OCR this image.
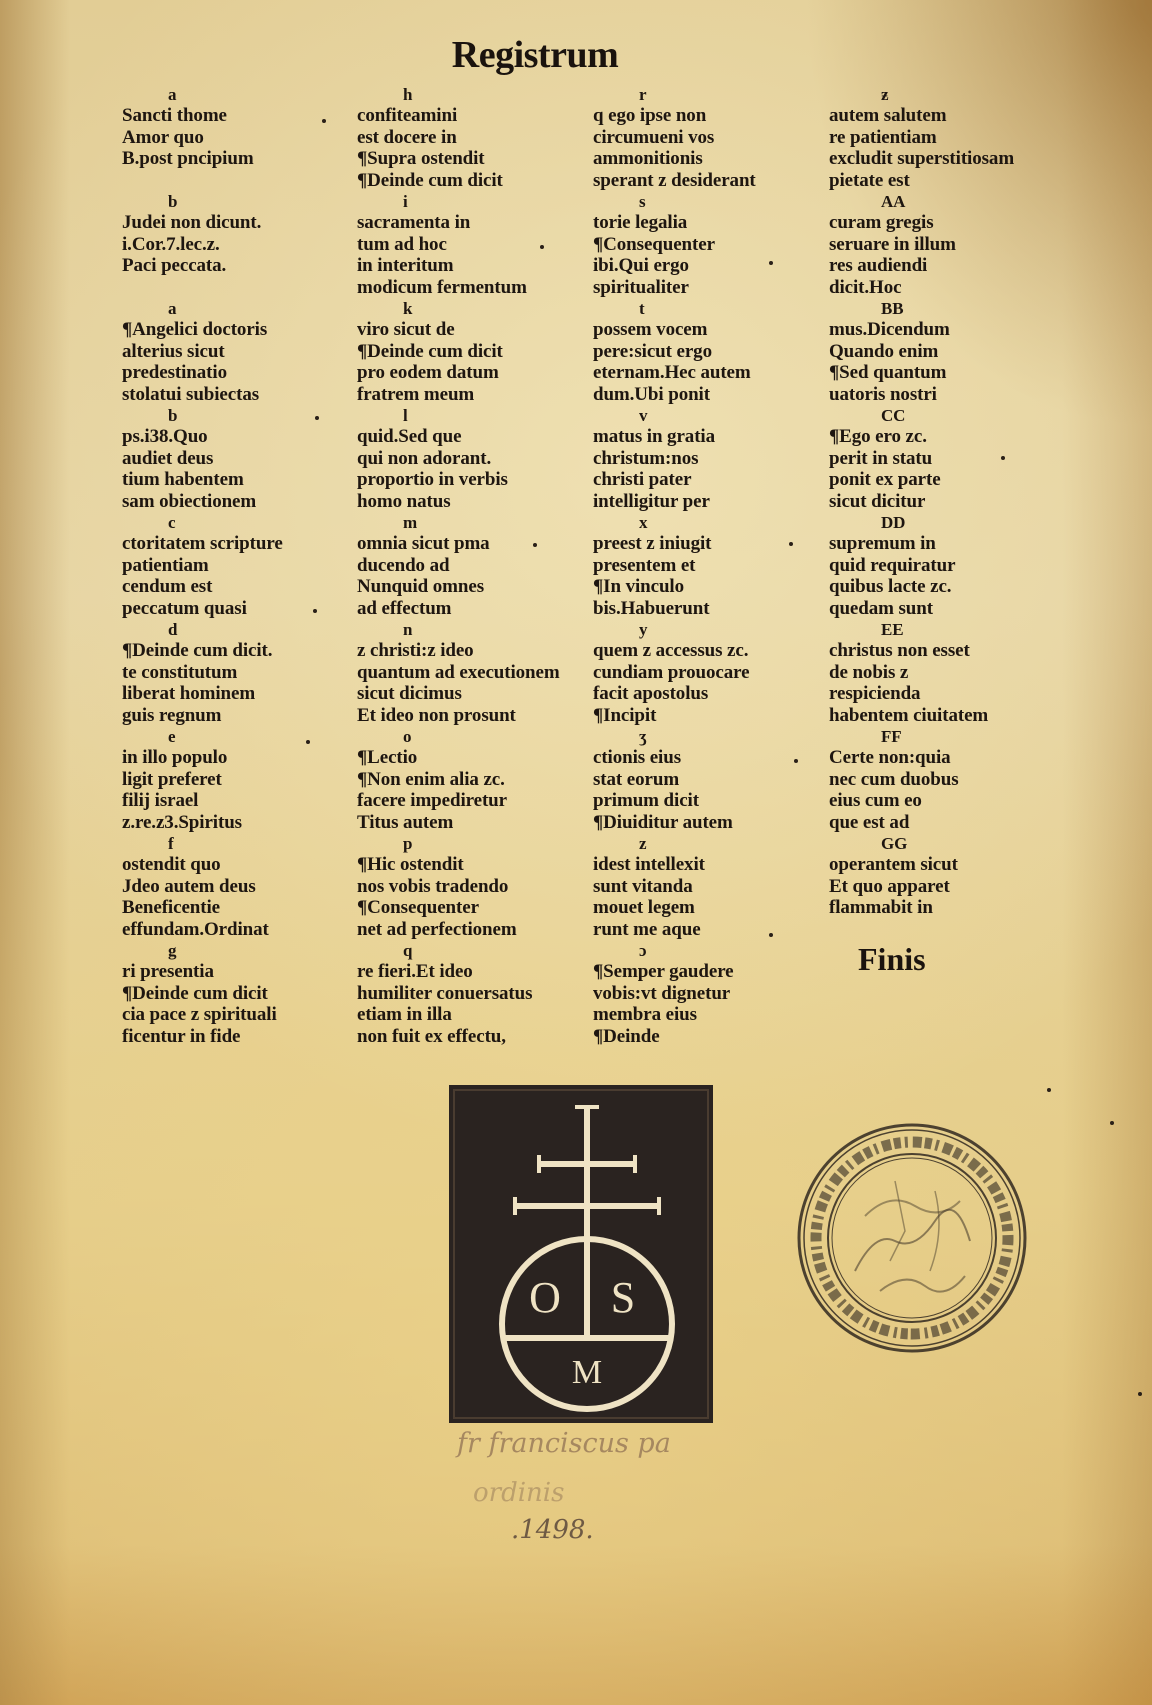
Registrum
a
Sancti thome
Amor quo
B.post pncipium
b
Judei non dicunt.
i.Cor.7.lec.z.
Paci peccata.
a
¶Angelici doctoris
alterius sicut
predestinatio
stolatui subiectas
b
ps.i38.Quo
audiet deus
tium habentem
sam obiectionem
c
ctoritatem scripture
patientiam
cendum est
peccatum quasi
d
¶Deinde cum dicit.
te constitutum
liberat hominem
guis regnum
e
in illo populo
ligit preferet
filij israel
z.re.z3.Spiritus
f
ostendit quo
Jdeo autem deus
Beneficentie
effundam.Ordinat
g
ri presentia
¶Deinde cum dicit
cia pace z spirituali
ficentur in fide
h
confiteamini
est docere in
¶Supra ostendit
¶Deinde cum dicit
i
sacramenta in
tum ad hoc
in interitum
modicum fermentum
k
viro sicut de
¶Deinde cum dicit
pro eodem datum
fratrem meum
l
quid.Sed que
qui non adorant.
proportio in verbis
homo natus
m
omnia sicut pma
ducendo ad
Nunquid omnes
ad effectum
n
z christi:z ideo
quantum ad executionem
sicut dicimus
Et ideo non prosunt
o
¶Lectio
¶Non enim alia zc.
facere impediretur
Titus autem
p
¶Hic ostendit
nos vobis tradendo
¶Consequenter
net ad perfectionem
q
re fieri.Et ideo
humiliter conuersatus
etiam in illa
non fuit ex effectu,
r
q ego ipse non
circumueni vos
ammonitionis
sperant z desiderant
s
torie legalia
¶Consequenter
ibi.Qui ergo
spiritualiter
t
possem vocem
pere:sicut ergo
eternam.Hec autem
dum.Ubi ponit
v
matus in gratia
christum:nos
christi pater
intelligitur per
x
preest z iniugit
presentem et
¶In vinculo
bis.Habuerunt
y
quem z accessus zc.
cundiam prouocare
facit apostolus
¶Incipit
ʒ
ctionis eius
stat eorum
primum dicit
¶Diuiditur autem
z
idest intellexit
sunt vitanda
mouet legem
runt me aque
ɔ
¶Semper gaudere
vobis:vt dignetur
membra eius
¶Deinde
ƶ
autem salutem
re patientiam
excludit superstitiosam
pietate est
AA
curam gregis
seruare in illum
res audiendi
dicit.Hoc
BB
mus.Dicendum
Quando enim
¶Sed quantum
uatoris nostri
CC
¶Ego ero zc.
perit in statu
ponit ex parte
sicut dicitur
DD
supremum in
quid requiratur
quibus lacte zc.
quedam sunt
EE
christus non esset
de nobis z
respicienda
habentem ciuitatem
FF
Certe non:quia
nec cum duobus
eius cum eo
que est ad
GG
operantem sicut
Et quo apparet
flammabit in
Finis
O S
M
fr franciscus pa
ordinis
.1498.
